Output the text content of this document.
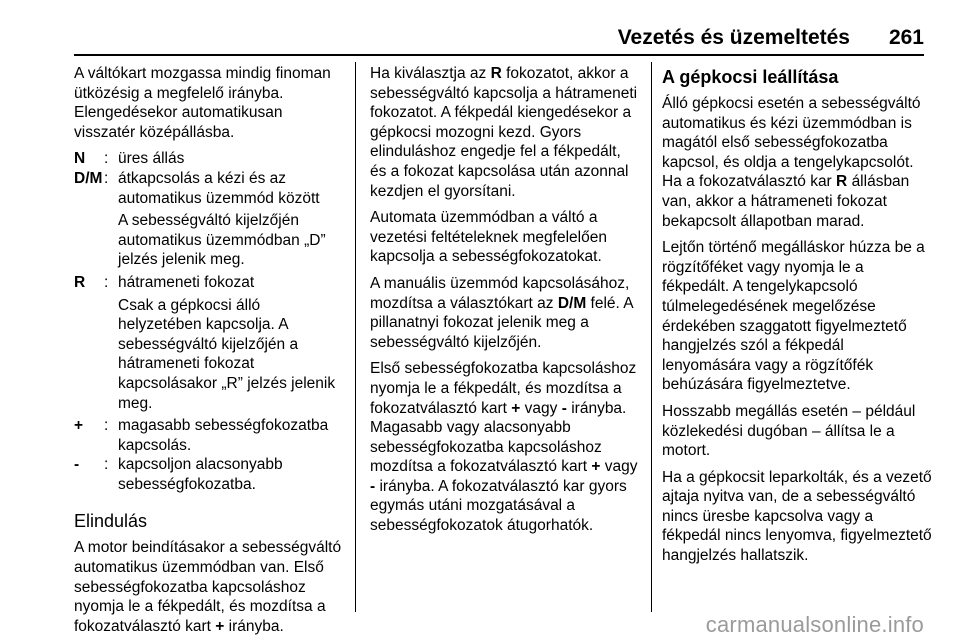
Vezetés és üzemeltetés 261

A váltókart mozgassa mindig finoman ütközésig a megfelelő irányba. Elengedésekor automatikusan visszatér középállásba.

N	: üres állás
D/M : átkapcsolás a kézi és az automatikus üzemmód között
A sebességváltó kijelzőjén automatikus üzemmódban „D” jelzés jelenik meg.
R	: hátrameneti fokozat
Csak a gépkocsi álló helyzetében kapcsolja. A sebességváltó kijelzőjén a hátrameneti fokozat kapcsolásakor „R” jelzés jelenik meg.
+	: magasabb sebességfokozatba kapcsolás.
-	: kapcsoljon alacsonyabb sebességfokozatba.
Elindulás

A motor beindításakor a sebességváltó automatikus üzemmódban van. Első sebességfokozatba kapcsoláshoz nyomja le a fékpedált, és mozdítsa a fokozatválasztó kart + irányba.

Ha kiválasztja az R fokozatot, akkor a sebességváltó kapcsolja a hátrameneti fokozatot. A fékpedál kiengedésekor a gépkocsi mozogni kezd. Gyors elinduláshoz engedje fel a fékpedált, és a fokozat kapcsolása után azonnal kezdjen el gyorsítani.

Automata üzemmódban a váltó a vezetési feltételeknek megfelelően kapcsolja a sebességfokozatokat.

A manuális üzemmód kapcsolásához, mozdítsa a választókart az D/M felé. A pillanatnyi fokozat jelenik meg a sebességváltó kijelzőjén.

Első sebességfokozatba kapcsoláshoz nyomja le a fékpedált, és mozdítsa a fokozatválasztó kart + vagy - irányba. Magasabb vagy alacsonyabb sebességfokozatba kapcsoláshoz mozdítsa a fokozatválasztó kart + vagy - irányba. A fokozatválasztó kar gyors egymás utáni mozgatásával a sebességfokozatok átugorhatók.

A gépkocsi leállítása

Álló gépkocsi esetén a sebességváltó automatikus és kézi üzemmódban is magától első sebességfokozatba kapcsol, és oldja a tengelykapcsolót. Ha a fokozatválasztó kar R állásban van, akkor a hátrameneti fokozat bekapcsolt állapotban marad.

Lejtőn történő megálláskor húzza be a rögzítőféket vagy nyomja le a fékpedált. A tengelykapcsoló túlmelegedésének megelőzése érdekében szaggatott figyelmeztető hangjelzés szól a fékpedál lenyomására vagy a rögzítőfék behúzására figyelmeztetve.

Hosszabb megállás esetén – például közlekedési dugóban – állítsa le a motort.

Ha a gépkocsit leparkolták, és a vezető ajtaja nyitva van, de a sebességváltó nincs üresbe kapcsolva vagy a fékpedál nincs lenyomva, figyelmeztető hangjelzés hallatszik.

carmanualsonline.info
